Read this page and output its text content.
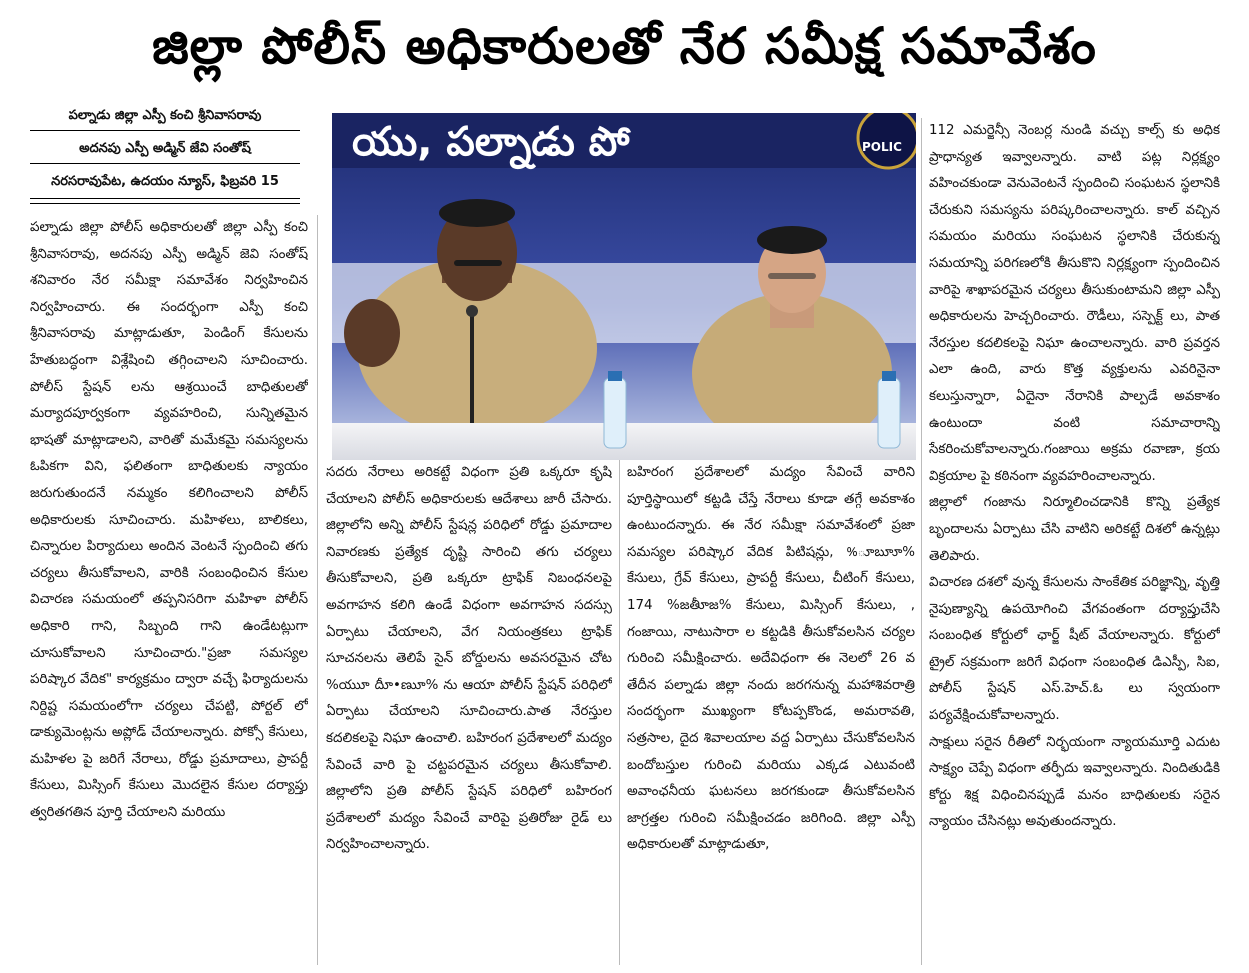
జిల్లా పోలీస్ అధికారులతో నేర సమీక్ష సమావేశం
పల్నాడు జిల్లా ఎస్పీ కంచి శ్రీనివాసరావు
అదనపు ఎస్పీ అడ్మిన్ జేవి సంతోష్
నరసరావుపేట, ఉదయం న్యూస్, ఫిబ్రవరి 15
యు, పల్నాడు పో	POLIC

పల్నాడు జిల్లా పోలీస్ అధికారులతో జిల్లా ఎస్పీ కంచి శ్రీనివాసరావు, అదనపు ఎస్పీ అడ్మిన్ జెవి సంతోష్ శనివారం నేర సమీక్షా సమావేశం నిర్వహించిన నిర్వహించారు. ఈ సందర్భంగా ఎస్పీ కంచి శ్రీనివాసరావు మాట్లాడుతూ, పెండింగ్ కేసులను హేతుబద్ధంగా విశ్లేషించి తగ్గించాలని సూచించారు. పోలీస్ స్టేషన్ లను ఆశ్రయించే బాధితులతో మర్యాదపూర్వకంగా వ్యవహరించి, సున్నితమైన భాషతో మాట్లాడాలని, వారితో మమేకమై సమస్యలను ఓపికగా విని, ఫలితంగా బాధితులకు న్యాయం జరుగుతుందనే నమ్మకం కలిగించాలని పోలీస్ అధికారులకు సూచించారు. మహిళలు, బాలికలు, చిన్నారుల పిర్యాదులు అందిన వెంటనే స్పందించి తగు చర్యలు తీసుకోవాలని, వారికి సంబంధించిన కేసుల విచారణ సమయంలో తప్పనిసరిగా మహిళా పోలీస్ అధికారి గాని, సిబ్బంది గాని ఉండేటట్లుగా చూసుకోవాలని సూచించారు."ప్రజా సమస్యల పరిష్కార వేదిక" కార్యక్రమం ద్వారా వచ్చే ఫిర్యాదులను నిర్దిష్ట సమయంలోగా చర్యలు చేపట్టి, పోర్టల్ లో డాక్యుమెంట్లను అప్లోడ్ చేయాలన్నారు. పోక్సో కేసులు, మహిళల పై జరిగే నేరాలు, రోడ్డు ప్రమాదాలు, ప్రాపర్టీ కేసులు, మిస్సింగ్ కేసులు మొదలైన కేసుల దర్యాప్తు త్వరితగతిన పూర్తి చేయాలని మరియు

సదరు నేరాలు అరికట్టే విధంగా ప్రతి ఒక్కరూ కృషి చేయాలని పోలీస్ అధికారులకు ఆదేశాలు జారీ చేసారు. జిల్లాలోని అన్ని పోలీస్ స్టేషన్ల పరిధిలో రోడ్డు ప్రమాదాల నివారణకు ప్రత్యేక దృష్టి సారించి తగు చర్యలు తీసుకోవాలని, ప్రతి ఒక్కరూ ట్రాఫిక్ నిబంధనలపై అవగాహన కలిగి ఉండే విధంగా అవగాహన సదస్సు ఏర్పాటు చేయాలని, వేగ నియంత్రకలు ట్రాఫిక్ సూచనలను తెలిపే సైన్ బోర్డులను అవసరమైన చోట %యుూ దీూ•ణుూ% ను ఆయా పోలీస్ స్టేషన్ పరిధిలో ఏర్పాటు చేయాలని సూచించారు.పాత నేరస్తుల కదలికలపై నిఘా ఉంచాలి. బహిరంగ ప్రదేశాలలో మద్యం సేవించే వారి పై చట్టపరమైన చర్యలు తీసుకోవాలి. జిల్లాలోని ప్రతి పోలీస్ స్టేషన్ పరిధిలో బహిరంగ ప్రదేశాలలో మద్యం సేవించే వారిపై ప్రతిరోజు రైడ్ లు నిర్వహించాలన్నారు.

బహిరంగ ప్రదేశాలలో మద్యం సేవించే వారిని పూర్తిస్థాయిలో కట్టడి చేస్తే నేరాలు కూడా తగ్గే అవకాశం ఉంటుందన్నారు. ఈ నేర సమీక్షా సమావేశంలో ప్రజా సమస్యల పరిష్కార వేదిక పిటిషన్లు, %ూబూూ% కేసులు, గ్రేవ్ కేసులు, ప్రాపర్టీ కేసులు, చీటింగ్ కేసులు, 174 %జతీూజ% కేసులు, మిస్సింగ్ కేసులు, , గంజాయి, నాటుసారా ల కట్టడికి తీసుకోవలసిన చర్యల గురించి సమీక్షించారు. అదేవిధంగా ఈ నెలలో 26 వ తేదీన పల్నాడు జిల్లా నందు జరగనున్న మహాశివరాత్రి సందర్భంగా ముఖ్యంగా కోటప్పకొండ, అమరావతి, సత్రసాల, దైద శివాలయాల వద్ద ఏర్పాటు చేసుకోవలసిన బందోబస్తుల గురించి మరియు ఎక్కడ ఎటువంటి అవాంఛనీయ ఘటనలు జరగకుండా తీసుకోవలసిన జాగ్రత్తల గురించి సమీక్షించడం జరిగింది. జిల్లా ఎస్పీ అధికారులతో మాట్లాడుతూ,

112 ఎమర్జెన్సీ నెంబర్ల నుండి వచ్చు కాల్స్ కు అధిక ప్రాధాన్యత ఇవ్వాలన్నారు. వాటి పట్ల నిర్లక్ష్యం వహించకుండా వెనువెంటనే స్పందించి సంఘటన స్థలానికి చేరుకుని సమస్యను పరిష్కరించాలన్నారు. కాల్ వచ్చిన సమయం మరియు సంఘటన స్థలానికి చేరుకున్న సమయాన్ని పరిగణలోకి తీసుకొని నిర్లక్ష్యంగా స్పందించిన వారిపై శాఖాపరమైన చర్యలు తీసుకుంటామని జిల్లా ఎస్పీ అధికారులను హెచ్చరించారు. రౌడీలు, సస్పెక్ట్ లు, పాత నేరస్తుల కదలికలపై నిఘా ఉంచాలన్నారు. వారి ప్రవర్తన ఎలా ఉంది, వారు కొత్త వ్యక్తులను ఎవరినైనా కలుస్తున్నారా, ఏదైనా నేరానికి పాల్పడే అవకాశం ఉంటుందా వంటి సమాచారాన్ని సేకరించుకోవాలన్నారు.గంజాయి అక్రమ రవాణా, క్రయ విక్రయాల పై కఠినంగా వ్యవహరించాలన్నారు.

జిల్లాలో గంజాను నిర్మూలించడానికి కొన్ని ప్రత్యేక బృందాలను ఏర్పాటు చేసి వాటిని అరికట్టే దిశలో ఉన్నట్లు తెలిపారు.

విచారణ దశలో వున్న కేసులను సాంకేతిక పరిజ్ఞాన్ని, వృత్తి నైపుణ్యాన్ని ఉపయోగించి వేగవంతంగా దర్యాప్తుచేసి సంబంధిత కోర్టులో ఛార్జ్ షీట్ వేయాలన్నారు. కోర్టులో ట్రైల్ సక్రమంగా జరిగే విధంగా సంబంధిత డిఎస్పీ, సిఐ, పోలీస్ స్టేషన్ ఎస్.హెచ్.ఓ లు స్వయంగా పర్యవేక్షించుకోవాలన్నారు.

సాక్షులు సరైన రీతిలో నిర్భయంగా న్యాయమూర్తి ఎదుట సాక్ష్యం చెప్పే విధంగా తర్ఫీదు ఇవ్వాలన్నారు. నిందితుడికి కోర్టు శిక్ష విధించినప్పుడే మనం బాధితులకు సరైన న్యాయం చేసినట్లు అవుతుందన్నారు.
